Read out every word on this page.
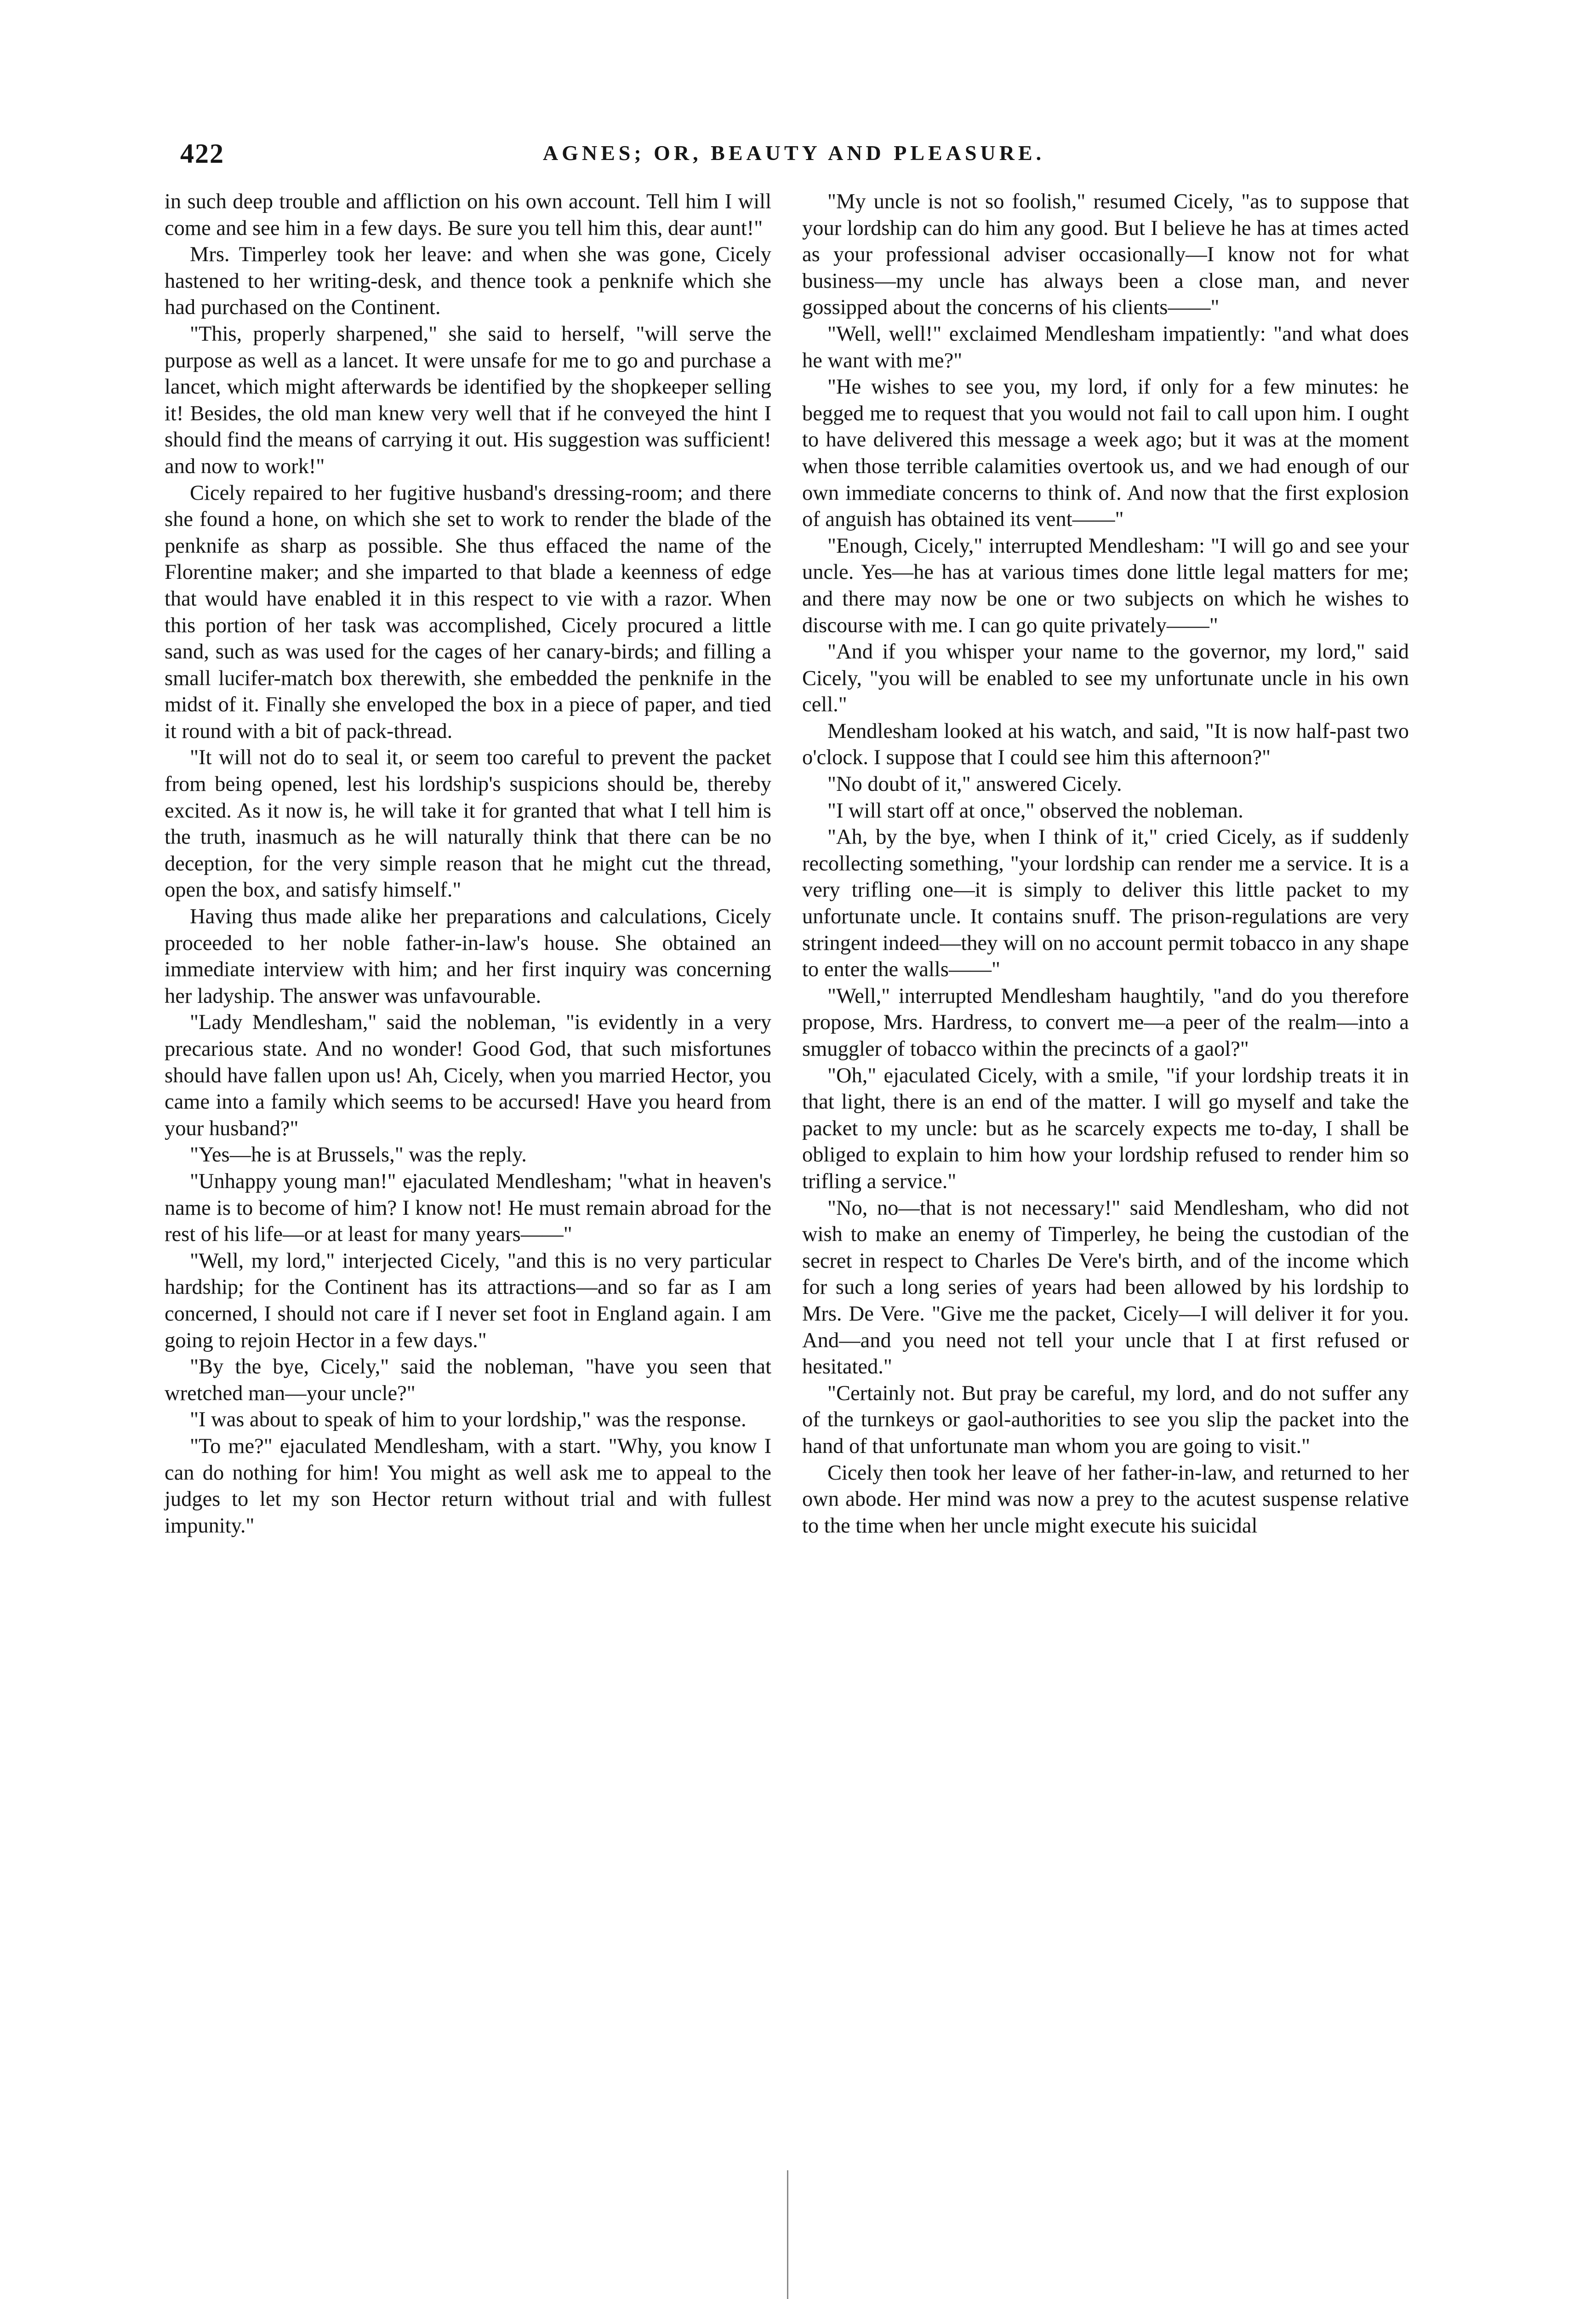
422	AGNES; OR, BEAUTY AND PLEASURE.

in such deep trouble and affliction on his own account. Tell him I will come and see him in a few days. Be sure you tell him this, dear aunt!"

Mrs. Timperley took her leave: and when she was gone, Cicely hastened to her writing-desk, and thence took a penknife which she had purchased on the Continent.

"This, properly sharpened," she said to herself, "will serve the purpose as well as a lancet. It were unsafe for me to go and purchase a lancet, which might afterwards be identified by the shopkeeper selling it! Besides, the old man knew very well that if he conveyed the hint I should find the means of carrying it out. His suggestion was sufficient! and now to work!"

Cicely repaired to her fugitive husband's dressing-room; and there she found a hone, on which she set to work to render the blade of the penknife as sharp as possible. She thus effaced the name of the Florentine maker; and she imparted to that blade a keenness of edge that would have enabled it in this respect to vie with a razor. When this portion of her task was accomplished, Cicely procured a little sand, such as was used for the cages of her canary-birds; and filling a small lucifer-match box therewith, she embedded the penknife in the midst of it. Finally she enveloped the box in a piece of paper, and tied it round with a bit of pack-thread.

"It will not do to seal it, or seem too careful to prevent the packet from being opened, lest his lordship's suspicions should be, thereby excited. As it now is, he will take it for granted that what I tell him is the truth, inasmuch as he will naturally think that there can be no deception, for the very simple reason that he might cut the thread, open the box, and satisfy himself."

Having thus made alike her preparations and calculations, Cicely proceeded to her noble father-in-law's house. She obtained an immediate interview with him; and her first inquiry was concerning her ladyship. The answer was unfavourable.

"Lady Mendlesham," said the nobleman, "is evidently in a very precarious state. And no wonder! Good God, that such misfortunes should have fallen upon us! Ah, Cicely, when you married Hector, you came into a family which seems to be accursed! Have you heard from your husband?"

"Yes—he is at Brussels," was the reply.

"Unhappy young man!" ejaculated Mendlesham; "what in heaven's name is to become of him? I know not! He must remain abroad for the rest of his life—or at least for many years——"

"Well, my lord," interjected Cicely, "and this is no very particular hardship; for the Continent has its attractions—and so far as I am concerned, I should not care if I never set foot in England again. I am going to rejoin Hector in a few days."

"By the bye, Cicely," said the nobleman, "have you seen that wretched man—your uncle?"

"I was about to speak of him to your lordship," was the response.

"To me?" ejaculated Mendlesham, with a start. "Why, you know I can do nothing for him! You might as well ask me to appeal to the judges to let my son Hector return without trial and with fullest impunity."

"My uncle is not so foolish," resumed Cicely, "as to suppose that your lordship can do him any good. But I believe he has at times acted as your professional adviser occasionally—I know not for what business—my uncle has always been a close man, and never gossipped about the concerns of his clients——"

"Well, well!" exclaimed Mendlesham impatiently: "and what does he want with me?"

"He wishes to see you, my lord, if only for a few minutes: he begged me to request that you would not fail to call upon him. I ought to have delivered this message a week ago; but it was at the moment when those terrible calamities overtook us, and we had enough of our own immediate concerns to think of. And now that the first explosion of anguish has obtained its vent——"

"Enough, Cicely," interrupted Mendlesham: "I will go and see your uncle. Yes—he has at various times done little legal matters for me; and there may now be one or two subjects on which he wishes to discourse with me. I can go quite privately——"

"And if you whisper your name to the governor, my lord," said Cicely, "you will be enabled to see my unfortunate uncle in his own cell."

Mendlesham looked at his watch, and said, "It is now half-past two o'clock. I suppose that I could see him this afternoon?"

"No doubt of it," answered Cicely.

"I will start off at once," observed the nobleman.

"Ah, by the bye, when I think of it," cried Cicely, as if suddenly recollecting something, "your lordship can render me a service. It is a very trifling one—it is simply to deliver this little packet to my unfortunate uncle. It contains snuff. The prison-regulations are very stringent indeed—they will on no account permit tobacco in any shape to enter the walls——"

"Well," interrupted Mendlesham haughtily, "and do you therefore propose, Mrs. Hardress, to convert me—a peer of the realm—into a smuggler of tobacco within the precincts of a gaol?"

"Oh," ejaculated Cicely, with a smile, "if your lordship treats it in that light, there is an end of the matter. I will go myself and take the packet to my uncle: but as he scarcely expects me to-day, I shall be obliged to explain to him how your lordship refused to render him so trifling a service."

"No, no—that is not necessary!" said Mendlesham, who did not wish to make an enemy of Timperley, he being the custodian of the secret in respect to Charles De Vere's birth, and of the income which for such a long series of years had been allowed by his lordship to Mrs. De Vere. "Give me the packet, Cicely—I will deliver it for you. And—and you need not tell your uncle that I at first refused or hesitated."

"Certainly not. But pray be careful, my lord, and do not suffer any of the turnkeys or gaol-authorities to see you slip the packet into the hand of that unfortunate man whom you are going to visit."

Cicely then took her leave of her father-in-law, and returned to her own abode. Her mind was now a prey to the acutest suspense relative to the time when her uncle might execute his suicidal
